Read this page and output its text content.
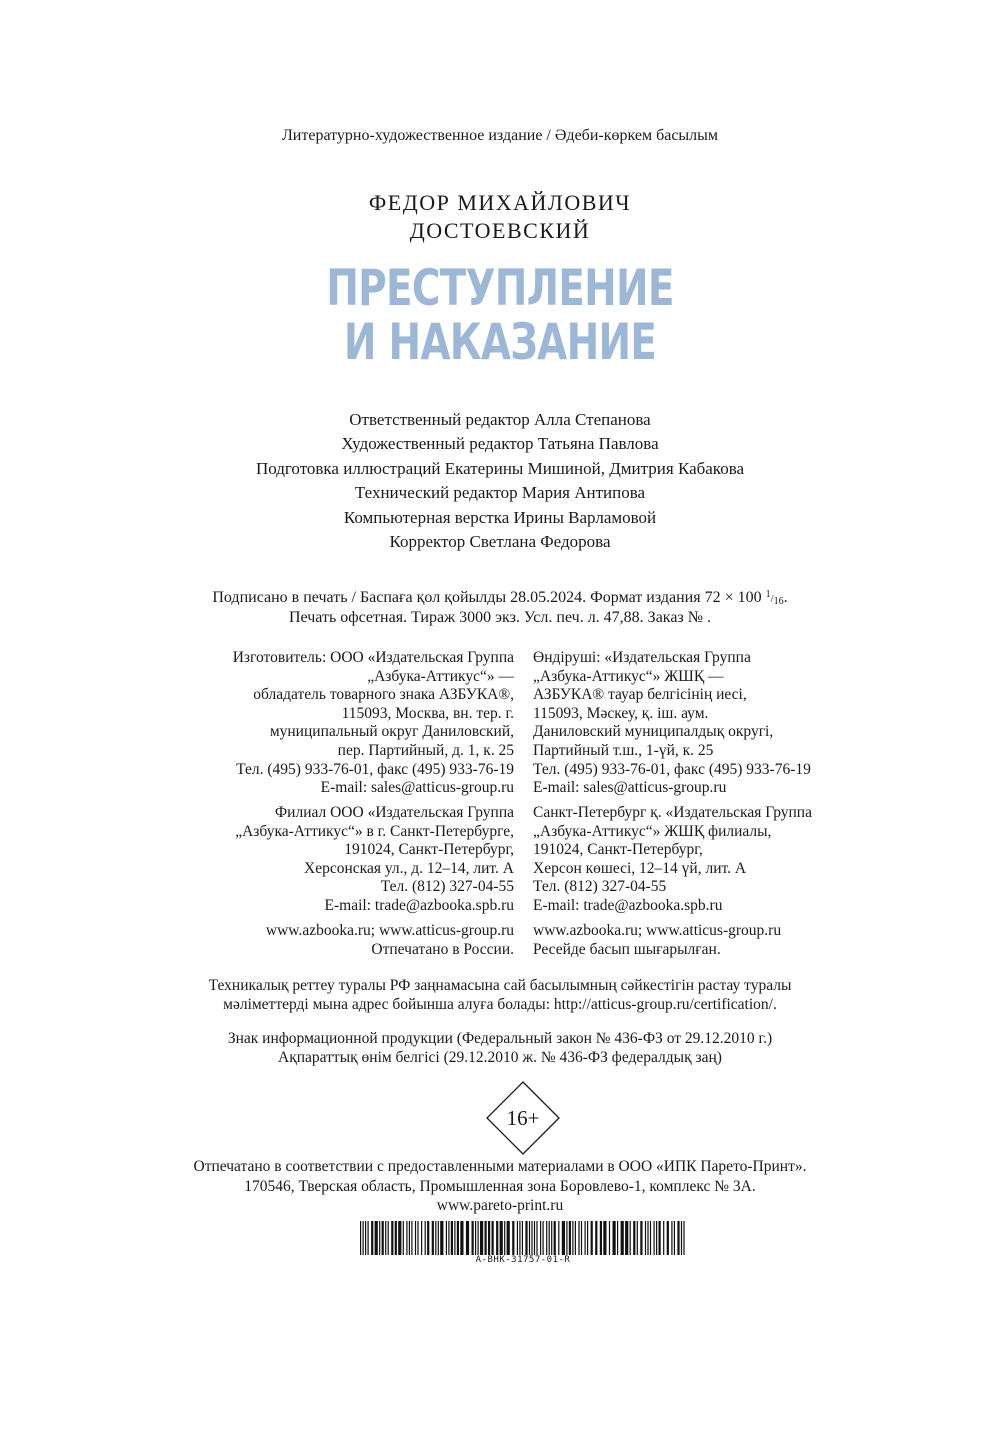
Литературно-художественное издание / Әдеби-көркем басылым
ФЕДОР МИХАЙЛОВИЧ
ДОСТОЕВСКИЙ
ПРЕСТУПЛЕНИЕ
И НАКАЗАНИЕ
Ответственный редактор Алла Степанова
Художественный редактор Татьяна Павлова
Подготовка иллюстраций Екатерины Мишиной, Дмитрия Кабакова
Технический редактор Мария Антипова
Компьютерная верстка Ирины Варламовой
Корректор Светлана Федорова
Подписано в печать / Баспаға қол қойылды 28.05.2024. Формат издания 72 × 100 $^1/_{16}$.
Печать офсетная. Тираж 3000 экз. Усл. печ. л. 47,88. Заказ № .
Изготовитель: ООО «Издательская Группа
„Азбука-Аттикус“» —
обладатель товарного знака АЗБУКА®,
115093, Москва, вн. тер. г.
муниципальный округ Даниловский,
пер. Партийный, д. 1, к. 25
Тел. (495) 933-76-01, факс (495) 933-76-19
E-mail: sales@atticus-group.ru
Өндіруші: «Издательская Группа
„Азбука-Аттикус“» ЖШҚ —
АЗБУКА® тауар белгісінің иесі,
115093, Мәскеу, қ. іш. аум.
Даниловский муниципалдық округі,
Партийный т.ш., 1-үй, к. 25
Тел. (495) 933-76-01, факс (495) 933-76-19
E-mail: sales@atticus-group.ru
Филиал ООО «Издательская Группа
„Азбука-Аттикус“» в г. Санкт-Петербурге,
191024, Санкт-Петербург,
Херсонская ул., д. 12–14, лит. А
Тел. (812) 327-04-55
E-mail: trade@azbooka.spb.ru
Санкт-Петербург қ. «Издательская Группа
„Азбука-Аттикус“» ЖШҚ филиалы,
191024, Санкт-Петербург,
Херсон көшесі, 12–14 үй, лит. А
Тел. (812) 327-04-55
E-mail: trade@azbooka.spb.ru
www.azbooka.ru; www.atticus-group.ru
Отпечатано в России.
www.azbooka.ru; www.atticus-group.ru
Ресейде басып шығарылған.
Техникалық реттеу туралы РФ заңнамасына сай басылымның сәйкестігін растау туралы
мәліметтерді мына адрес бойынша алуға болады: http://atticus-group.ru/certification/.
Знак информационной продукции (Федеральный закон № 436-ФЗ от 29.12.2010 г.)
Ақпараттық өнім белгісі (29.12.2010 ж. № 436-ФЗ федералдық заң)
16+
Отпечатано в соответствии с предоставленными материалами в ООО «ИПК Парето-Принт».
170546, Тверская область, Промышленная зона Боровлево-1, комплекс № 3А.
www.pareto-print.ru
A-BHK-31757-01-R
